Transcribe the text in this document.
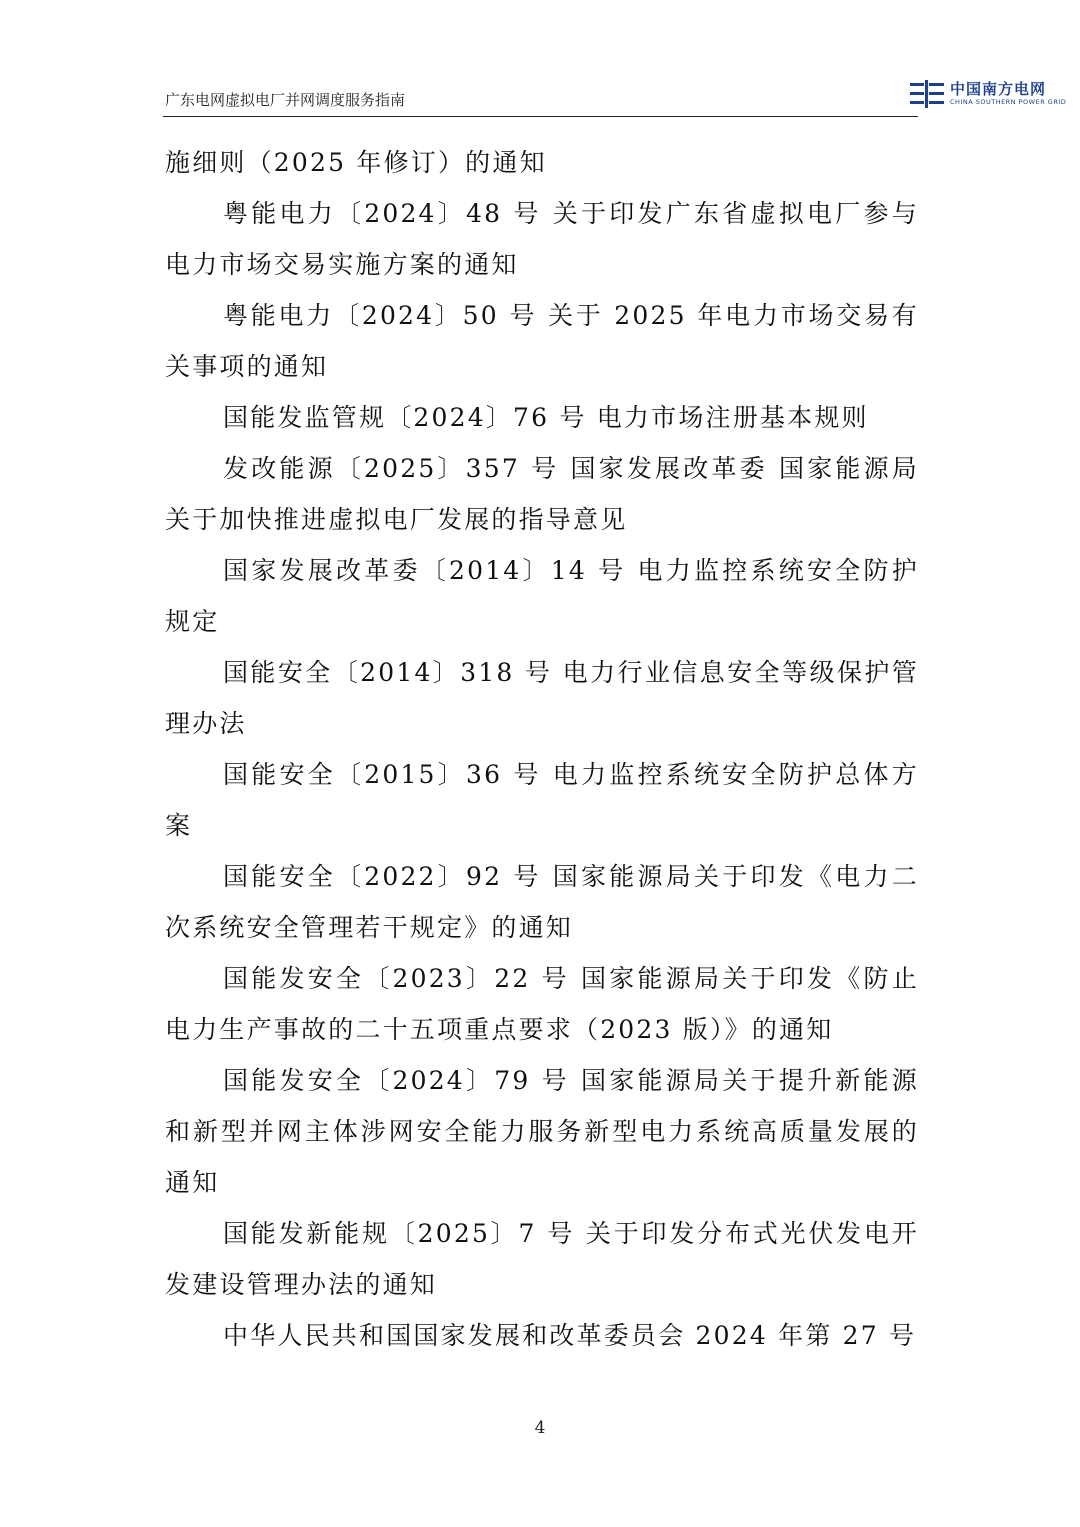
广东电网虚拟电厂并网调度服务指南
中国南方电网
CHINA SOUTHERN POWER GRID

施细则（2025 年修订）的通知

粤能电力〔2024〕48 号 关于印发广东省虚拟电厂参与电力市场交易实施方案的通知

粤能电力〔2024〕50 号 关于 2025 年电力市场交易有关事项的通知

国能发监管规〔2024〕76 号 电力市场注册基本规则

发改能源〔2025〕357 号 国家发展改革委 国家能源局关于加快推进虚拟电厂发展的指导意见

国家发展改革委〔2014〕14 号 电力监控系统安全防护规定

国能安全〔2014〕318 号 电力行业信息安全等级保护管理办法

国能安全〔2015〕36 号 电力监控系统安全防护总体方案

国能安全〔2022〕92 号 国家能源局关于印发《电力二次系统安全管理若干规定》的通知

国能发安全〔2023〕22 号 国家能源局关于印发《防止电力生产事故的二十五项重点要求（2023 版）》的通知

国能发安全〔2024〕79 号 国家能源局关于提升新能源和新型并网主体涉网安全能力服务新型电力系统高质量发展的通知

国能发新能规〔2025〕7 号 关于印发分布式光伏发电开发建设管理办法的通知

中华人民共和国国家发展和改革委员会 2024 年第 27 号

4
